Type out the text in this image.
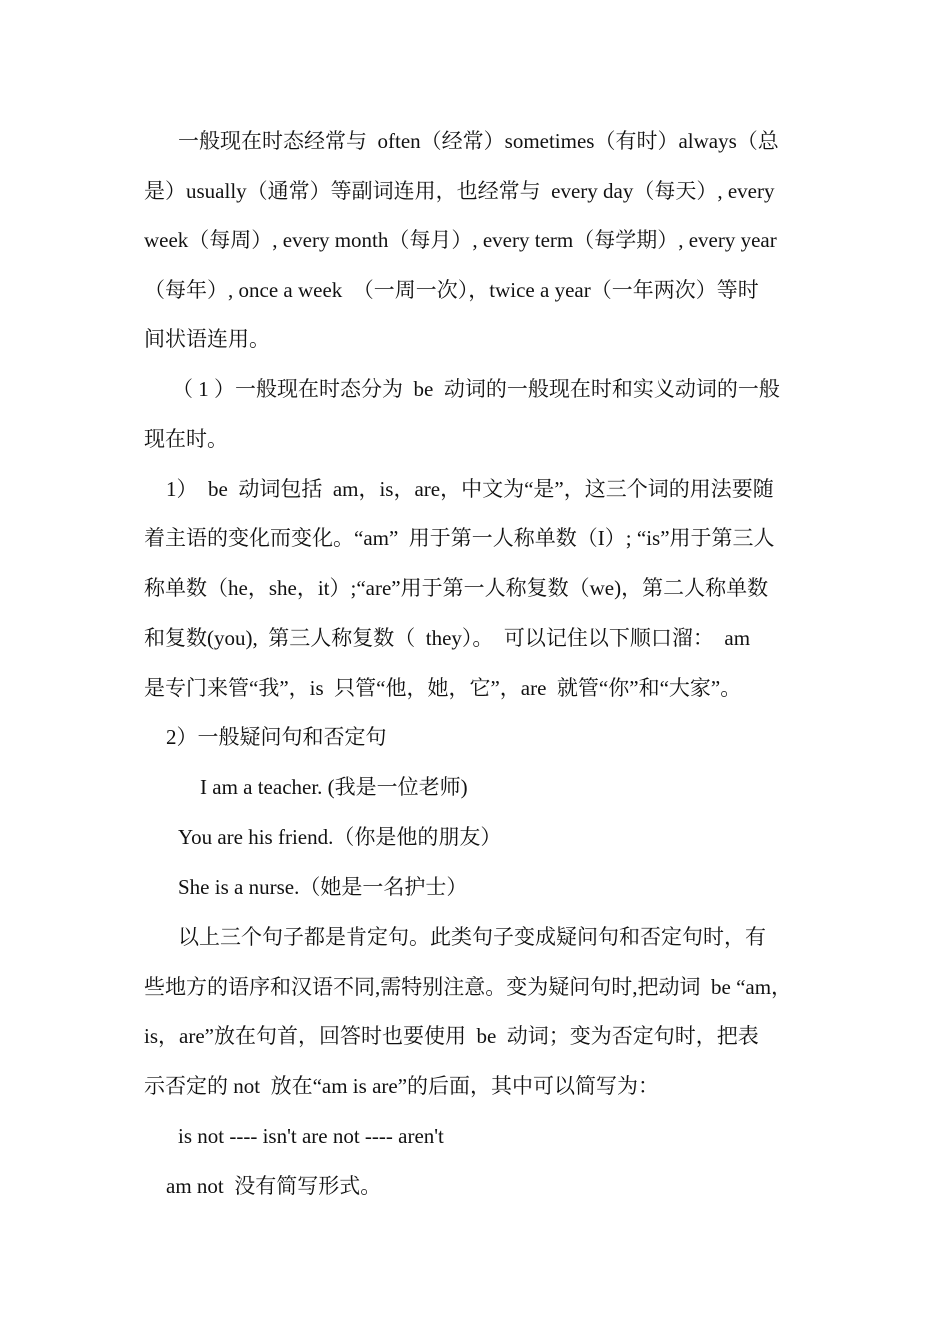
一般现在时态经常与  often（经常）sometimes（有时）always（总
是）usually（通常）等副词连用，也经常与  every day（每天）, every
week（每周）, every month（每月）, every term（每学期）, every year
（每年）, once a week  （一周一次），twice a year（一年两次）等时
间状语连用。
（ 1 ）一般现在时态分为  be  动词的一般现在时和实义动词的一般
现在时。
1）  be  动词包括  am，is，are，中文为“是”，这三个词的用法要随
着主语的变化而变化。“am”  用于第一人称单数（I）; “is”用于第三人
称单数（he，she，it）;“are”用于第一人称复数（we)，第二人称单数
和复数(you),  第三人称复数（  they）。  可以记住以下顺口溜：  am
是专门来管“我”，is  只管“他，她，它”，are  就管“你”和“大家”。
2）一般疑问句和否定句
I am a teacher. (我是一位老师)
You are his friend.（你是他的朋友）
She is a nurse.（她是一名护士）
以上三个句子都是肯定句。此类句子变成疑问句和否定句时，有
些地方的语序和汉语不同,需特别注意。变为疑问句时,把动词  be “am，
is，are”放在句首，回答时也要使用  be  动词；变为否定句时，把表
示否定的 not  放在“am is are”的后面，其中可以简写为：
is not ---- isn't are not ---- aren't
am not  没有简写形式。
